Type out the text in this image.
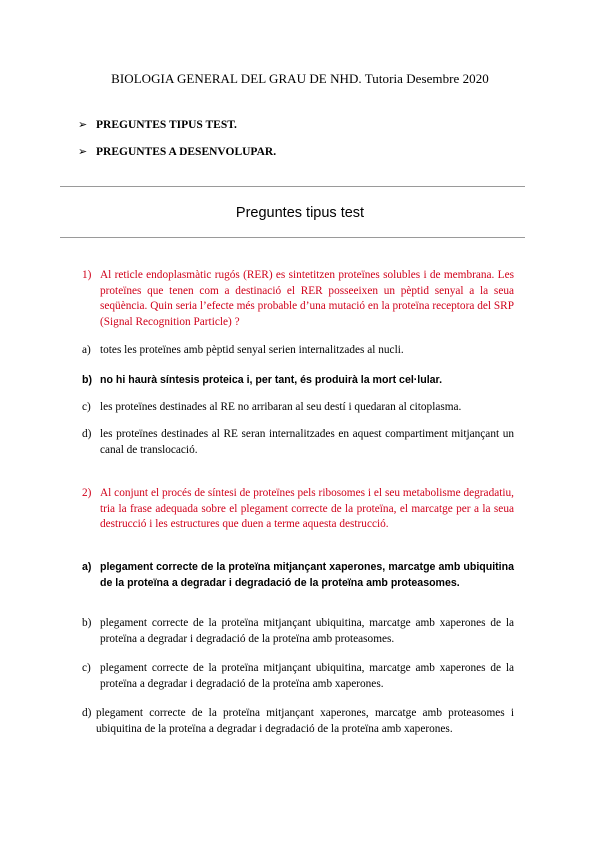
BIOLOGIA GENERAL DEL GRAU DE NHD. Tutoria Desembre 2020
➢ PREGUNTES TIPUS TEST.
➢ PREGUNTES A DESENVOLUPAR.
Preguntes tipus test
1) Al reticle endoplasmàtic rugós (RER) es sintetitzen proteïnes solubles i de membrana. Les proteïnes que tenen com a destinació el RER posseeixen un pèptid senyal a la seua seqüència. Quin seria l’efecte més probable d’una mutació en la proteïna receptora del SRP (Signal Recognition Particle) ?
a) totes les proteïnes amb pèptid senyal serien internalitzades al nucli.
b) no hi haurà síntesis proteica i, per tant, és produirà la mort cel·lular.
c) les proteïnes destinades al RE no arribaran al seu destí i quedaran al citoplasma.
d) les proteïnes destinades al RE seran internalitzades en aquest compartiment mitjançant un canal de translocació.
2) Al conjunt el procés de síntesi de proteïnes pels ribosomes i el seu metabolisme degradatiu, tria la frase adequada sobre el plegament correcte de la proteïna, el marcatge per a la seua destrucció i les estructures que duen a terme aquesta destrucció.
a) plegament correcte de la proteïna mitjançant xaperones, marcatge amb ubiquitina de la proteïna a degradar i degradació de la proteïna amb proteasomes.
b) plegament correcte de la proteïna mitjançant ubiquitina, marcatge amb xaperones de la proteïna a degradar i degradació de la proteïna amb proteasomes.
c) plegament correcte de la proteïna mitjançant ubiquitina, marcatge amb xaperones de la proteïna a degradar i degradació de la proteïna amb xaperones.
d) plegament correcte de la proteïna mitjançant xaperones, marcatge amb proteasomes i ubiquitina de la proteïna a degradar i degradació de la proteïna amb xaperones.
